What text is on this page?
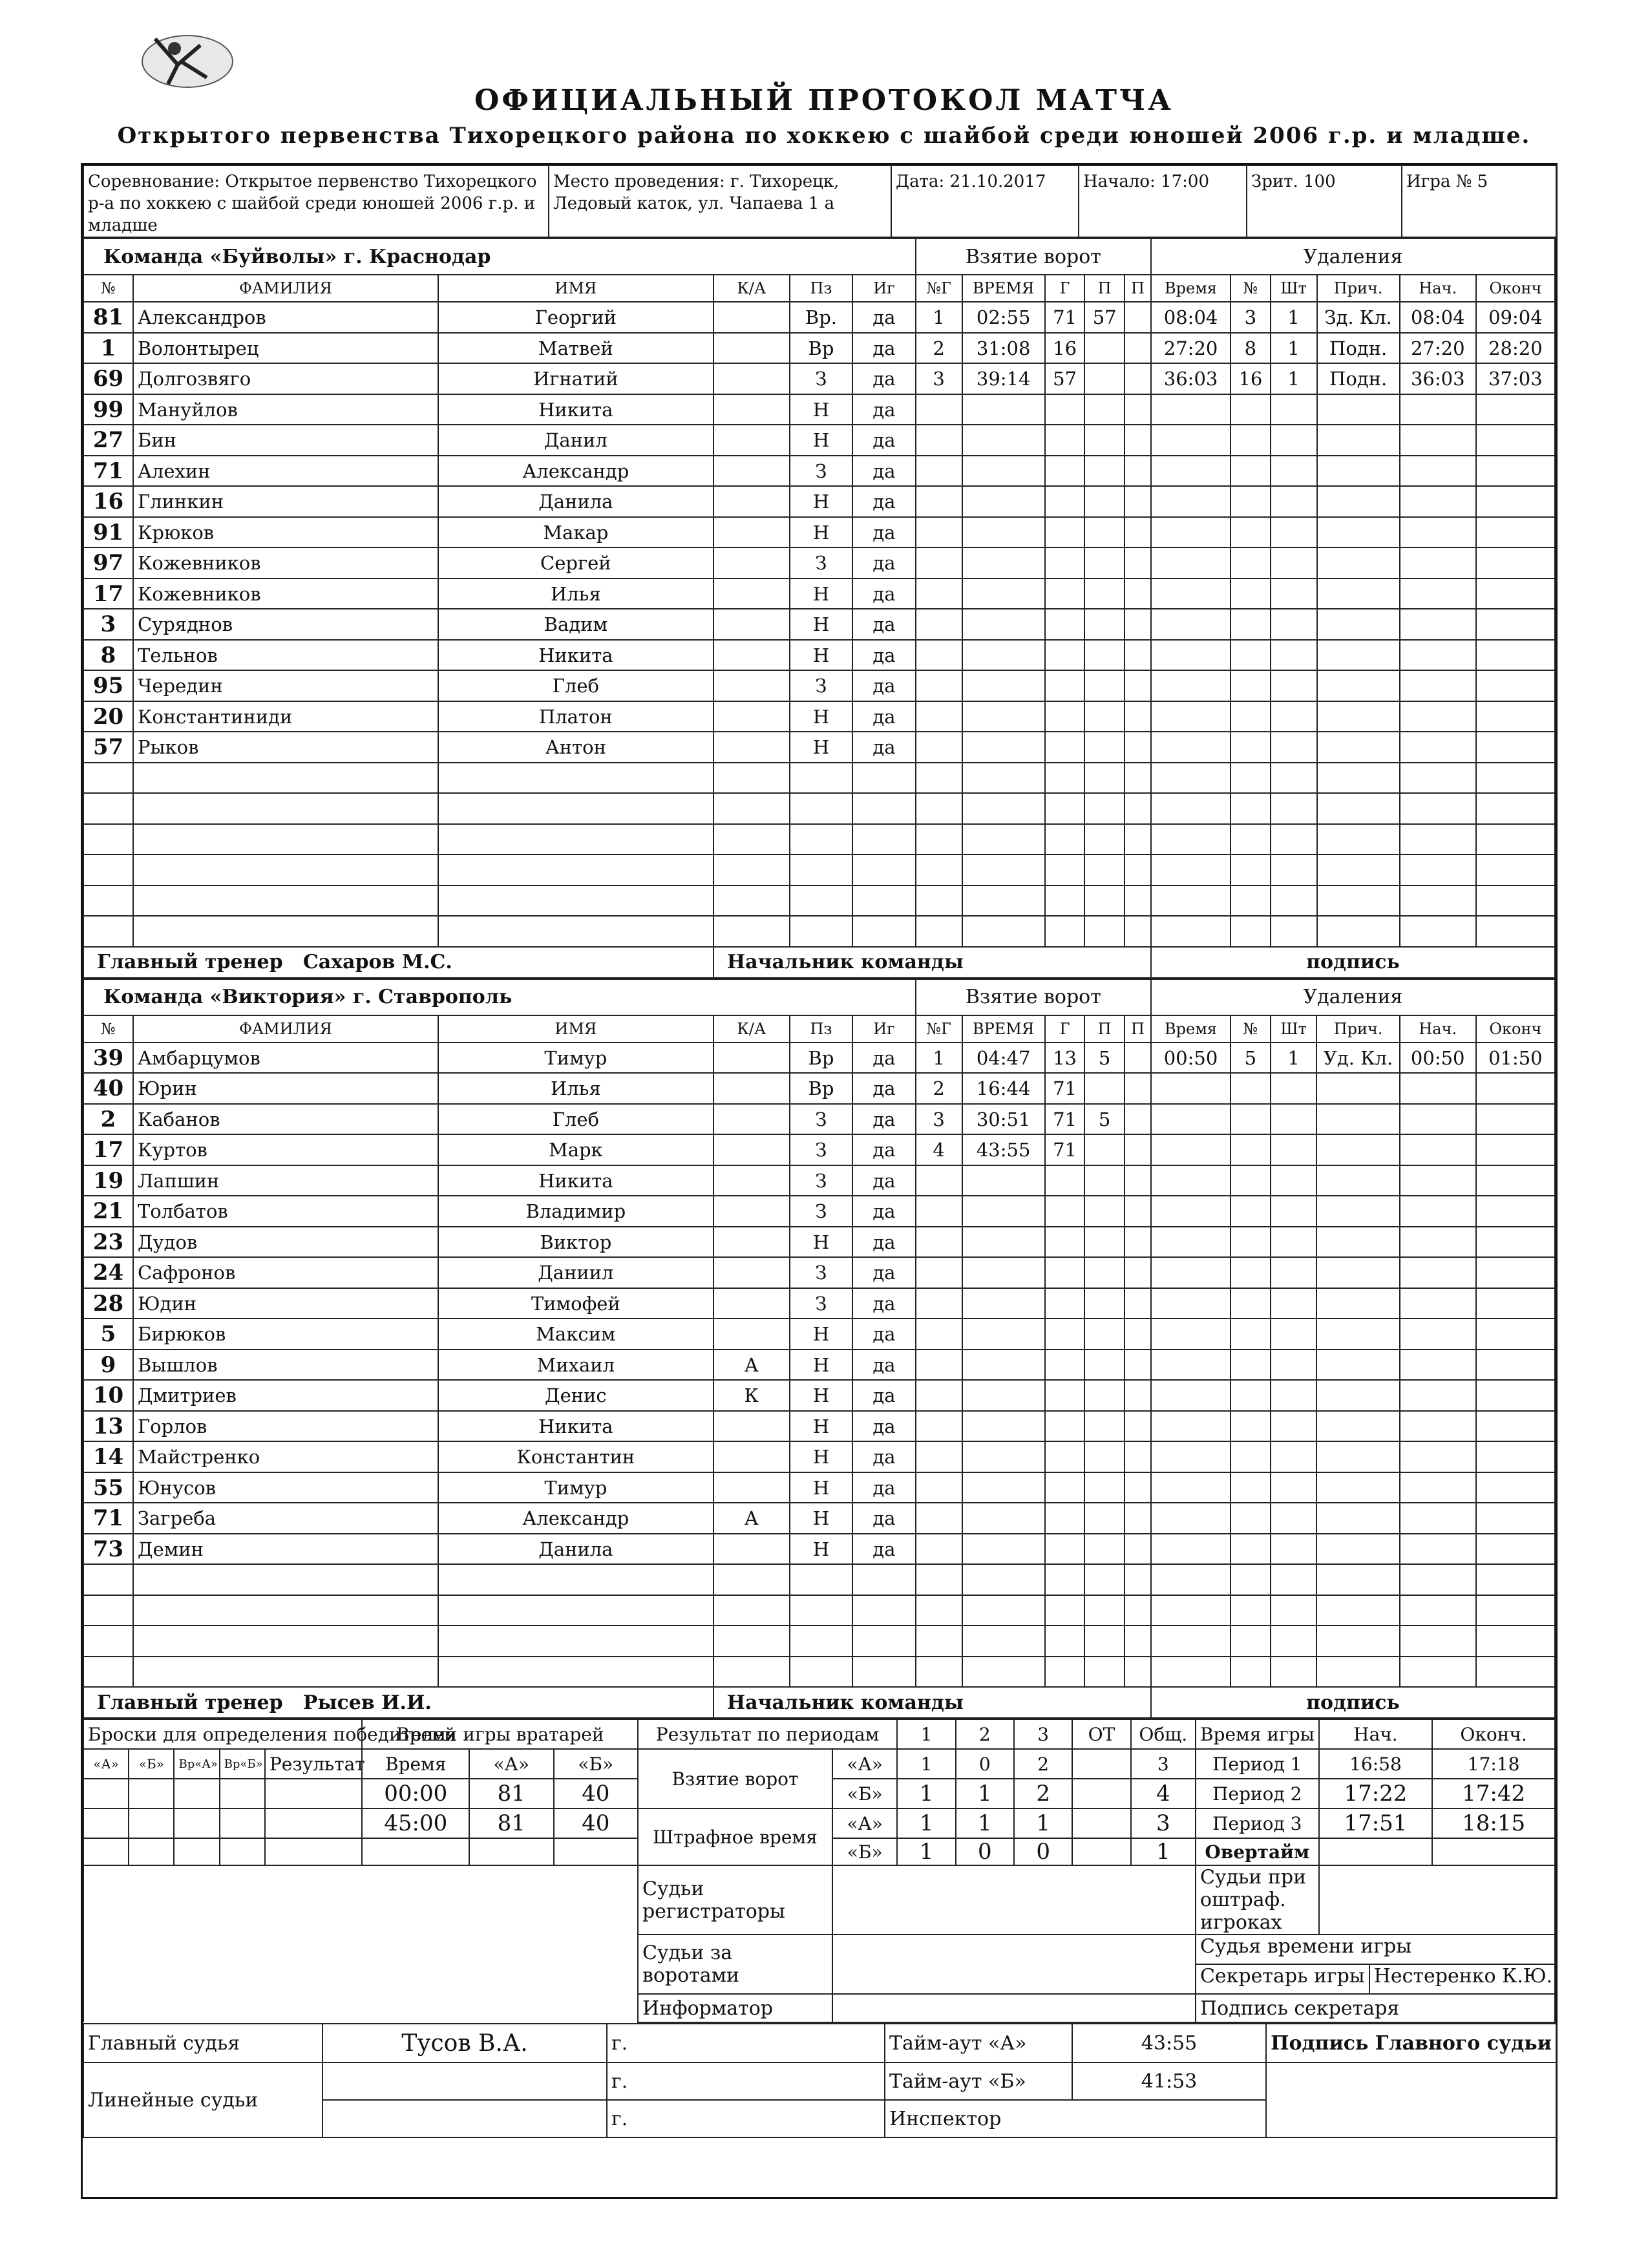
ОФИЦИАЛЬНЫЙ ПРОТОКОЛ МАТЧА
Открытого первенства Тихорецкого района по хоккею с шайбой среди юношей 2006 г.р. и младше.
Соревнование: Открытое первенство Тихорецкого р-а по хоккею с шайбой среди юношей 2006 г.р. и младше	Место проведения: г. Тихорецк, Ледовый каток, ул. Чапаева 1 а	Дата: 21.10.2017	Начало: 17:00	Зрит. 100	Игра № 5
Команда «Буйволы» г. Краснодар						Взятие ворот					Удаления					
№	ФАМИЛИЯ	ИМЯ	К/А	Пз	Иг	№Г	ВРЕМЯ	Г	П	П	Время	№	Шт	Прич.	Нач.	Оконч
81	Александров	Георгий		Вр.	да	1	02:55	71	57		08:04	3	1	Зд. Кл.	08:04	09:04
1	Волонтырец	Матвей		Вр	да	2	31:08	16			27:20	8	1	Подн.	27:20	28:20
69	Долгозвяго	Игнатий		З	да	3	39:14	57			36:03	16	1	Подн.	36:03	37:03
99	Мануйлов	Никита		Н	да											
27	Бин	Данил		Н	да											
71	Алехин	Александр		З	да											
16	Глинкин	Данила		Н	да											
91	Крюков	Макар		Н	да											
97	Кожевников	Сергей		З	да											
17	Кожевников	Илья		Н	да											
3	Суряднов	Вадим		Н	да											
8	Тельнов	Никита		Н	да											
95	Чередин	Глеб		З	да											
20	Константиниди	Платон		Н	да											
57	Рыков	Антон		Н	да											

Главный тренер Сахаров М.С.			Начальник команды								подпись					
Команда «Виктория» г. Ставрополь						Взятие ворот					Удаления					
№	ФАМИЛИЯ	ИМЯ	К/А	Пз	Иг	№Г	ВРЕМЯ	Г	П	П	Время	№	Шт	Прич.	Нач.	Оконч
39	Амбарцумов	Тимур		Вр	да	1	04:47	13	5		00:50	5	1	Уд. Кл.	00:50	01:50
40	Юрин	Илья		Вр	да	2	16:44	71								
2	Кабанов	Глеб		З	да	3	30:51	71	5							
17	Куртов	Марк		З	да	4	43:55	71								
19	Лапшин	Никита		З	да											
21	Толбатов	Владимир		З	да											
23	Дудов	Виктор		Н	да											
24	Сафронов	Даниил		З	да											
28	Юдин	Тимофей		З	да											
5	Бирюков	Максим		Н	да											
9	Вышлов	Михаил	А	Н	да											
10	Дмитриев	Денис	К	Н	да											
13	Горлов	Никита		Н	да											
14	Майстренко	Константин		Н	да											
55	Юнусов	Тимур		Н	да											
71	Загреба	Александр	А	Н	да											
73	Демин	Данила		Н	да											

Главный тренер Рысев И.И.			Начальник команды								подпись					
Броски для определения победителей					Время игры вратарей			Результат по периодам		1	2	3	ОТ	Общ.	Время игры	Нач.	Оконч.
«А»	«Б»	Вр«А»	Вр«Б»	Результат	Время	«А»	«Б»	Взятие ворот	«А»	1	0	2		3	Период 1	16:58	17:18
					00:00	81	40		«Б»	1	1	2		4	Период 2	17:22	17:42
					45:00	81	40	Штрафное время	«А»	1	1	1		3	Период 3	17:51	18:15
									«Б»	1	0	0		1	Овертайм		
								Судьи регистраторы							Судьи при оштраф. игроках		
								Судьи за воротами							Судья времени игры
Секретарь игры Нестеренко К.Ю.		

								Информатор							Подпись секретаря		
Главный судья	Тусов В.А.	г.	Тайм-аут «А»	43:55	Подпись Главного судьи
Линейные судьи		г.	Тайм-аут «Б»	41:53	
		г.	Инспектор		
